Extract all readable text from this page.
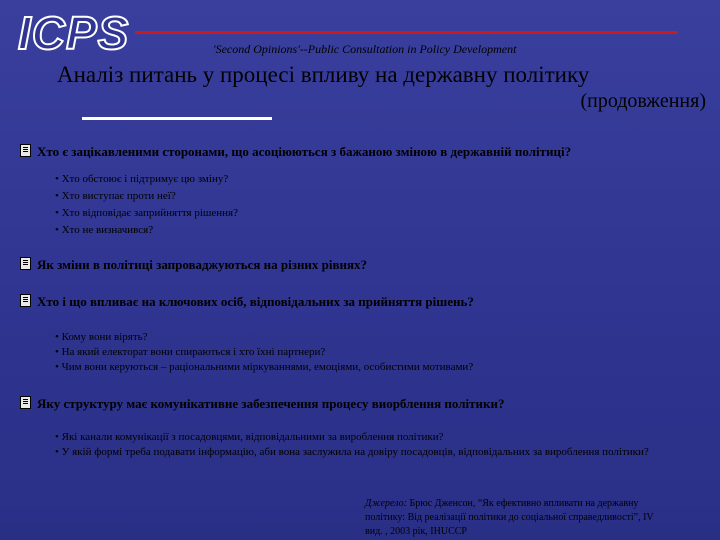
ICPS	'Second Opinions'--Public Consultation in Policy Development
Аналіз питань у процесі впливу на державну політику
(продовження)
Хто є зацікавленими сторонами, що асоціюються з бажаною зміною в державній політиці?
• Хто обстоює і підтримує цю зміну?
• Хто виступає проти неї?
• Хто відповідає заприйняття рішення?
• Хто не визначився?
Як зміни в політиці запроваджуються на різних рівнях?
Хто і що впливає на ключових осіб, відповідальних за прийняття рішень?
• Кому вони вірять?
• На який електорат вони спираються і хто їхні партнери?
• Чим вони керуються – раціональними міркуваннями, емоціями, особистими мотивами?
Яку структуру має комунікативне забезпечення процесу виорблення політики?
• Які канали комунікації з посадовцями, відповідальними за вироблення політики?
• У якій формі треба подавати інформацію, аби вона заслужила на довіру посадовців, відповідальних за вироблення політики?
Джерело: Брюс Дженсон, “Як ефективно впливати на державну політику: Від реалізації політики до соціальної справедливості”, IV вид. , 2003 рік, ІНUССР
